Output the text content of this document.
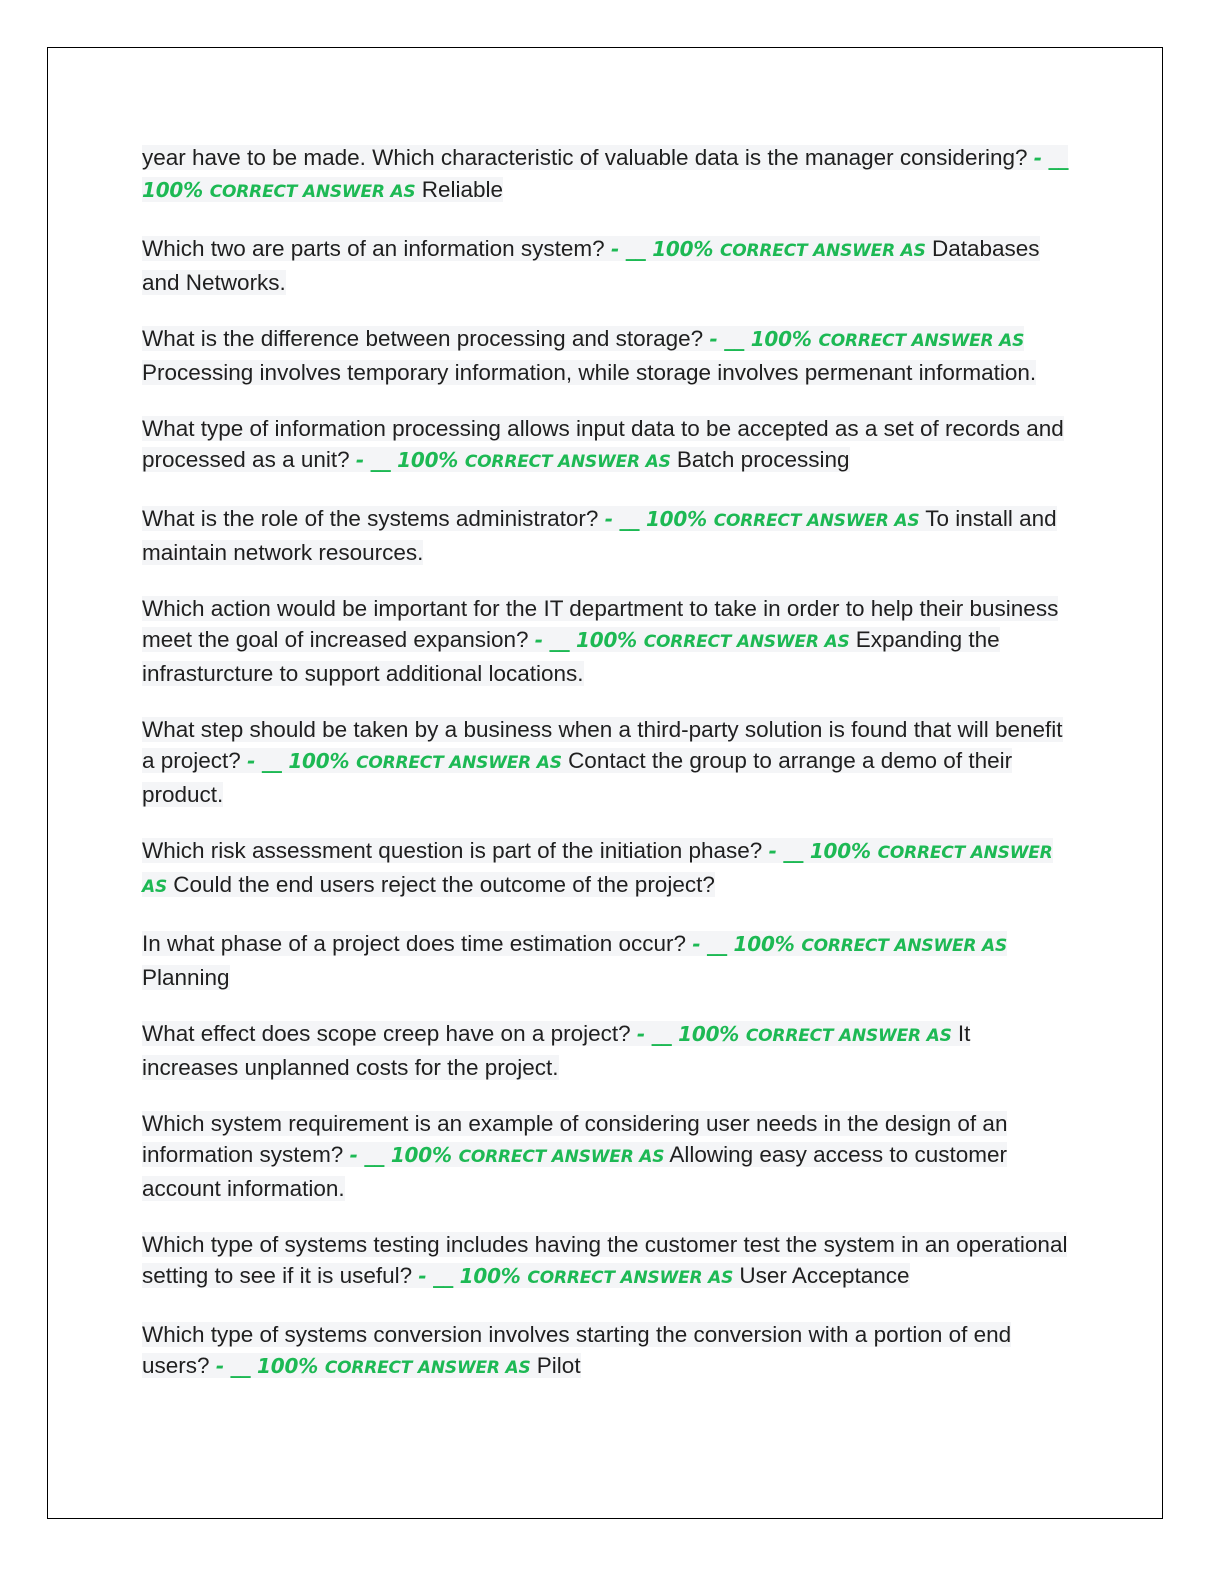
year have to be made. Which characteristic of valuable data is the manager considering? - __ 100% CORRECT ANSWER AS Reliable

Which two are parts of an information system? - __ 100% CORRECT ANSWER AS Databases and Networks.

What is the difference between processing and storage? - __ 100% CORRECT ANSWER AS Processing involves temporary information, while storage involves permenant information.

What type of information processing allows input data to be accepted as a set of records and processed as a unit? - __ 100% CORRECT ANSWER AS Batch processing

What is the role of the systems administrator? - __ 100% CORRECT ANSWER AS To install and maintain network resources.

Which action would be important for the IT department to take in order to help their business meet the goal of increased expansion? - __ 100% CORRECT ANSWER AS Expanding the infrasturcture to support additional locations.

What step should be taken by a business when a third-party solution is found that will benefit a project? - __ 100% CORRECT ANSWER AS Contact the group to arrange a demo of their product.

Which risk assessment question is part of the initiation phase? - __ 100% CORRECT ANSWER AS Could the end users reject the outcome of the project?

In what phase of a project does time estimation occur? - __ 100% CORRECT ANSWER AS Planning

What effect does scope creep have on a project? - __ 100% CORRECT ANSWER AS It increases unplanned costs for the project.

Which system requirement is an example of considering user needs in the design of an information system? - __ 100% CORRECT ANSWER AS Allowing easy access to customer account information.

Which type of systems testing includes having the customer test the system in an operational setting to see if it is useful? - __ 100% CORRECT ANSWER AS User Acceptance

Which type of systems conversion involves starting the conversion with a portion of end users? - __ 100% CORRECT ANSWER AS Pilot
